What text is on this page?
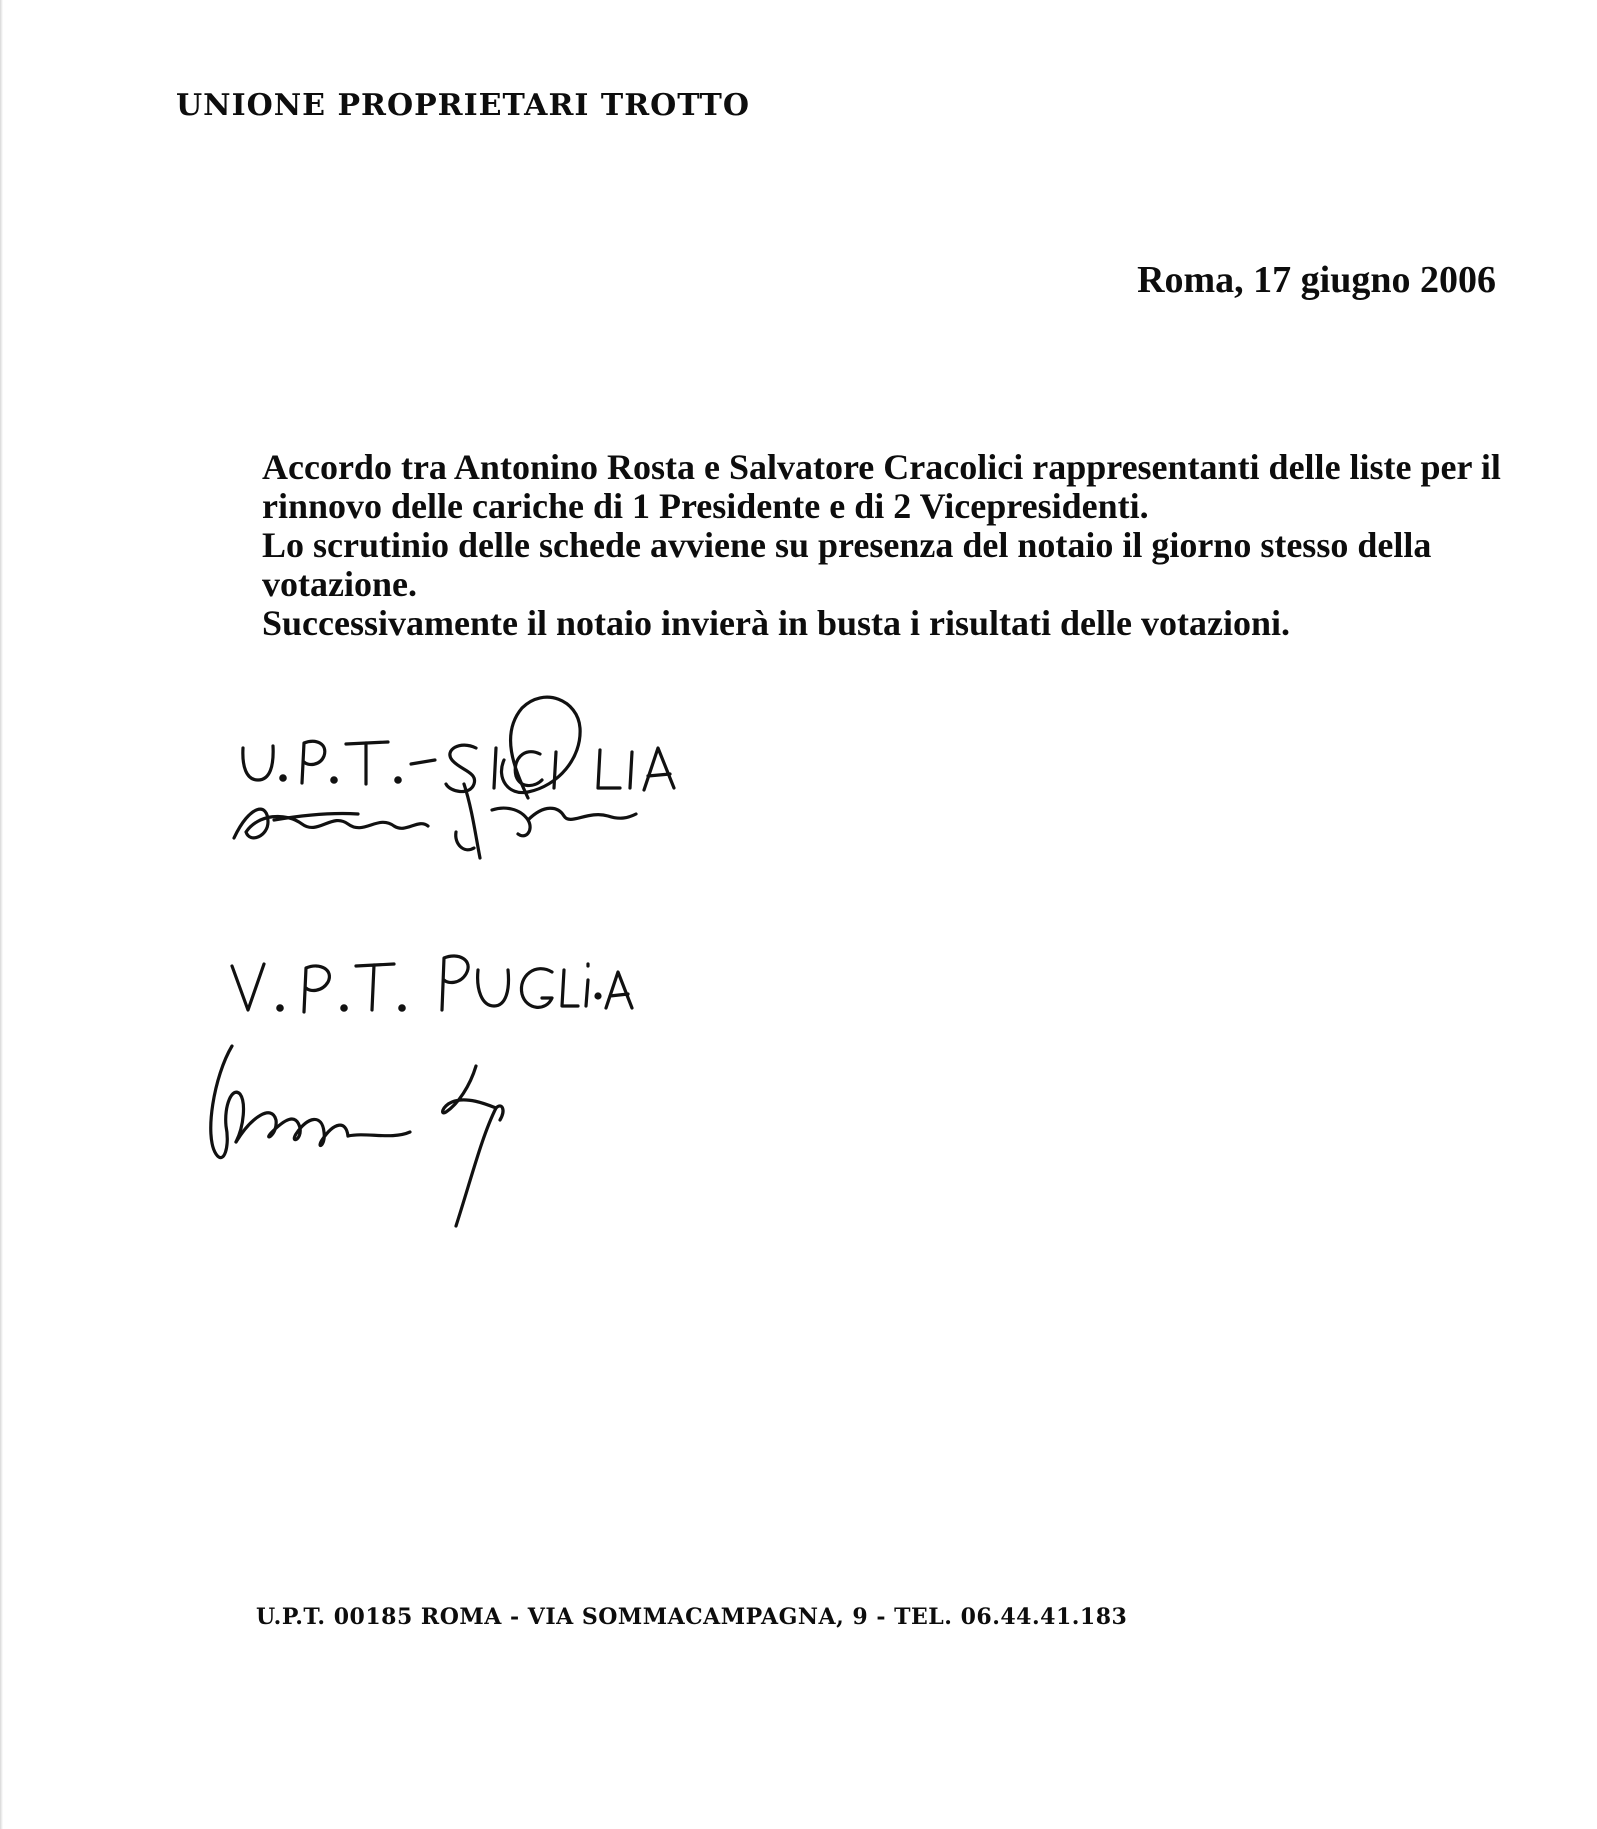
UNIONE PROPRIETARI TROTTO
Roma, 17 giugno 2006

Accordo tra Antonino Rosta e Salvatore Cracolici rappresentanti delle liste per il

rinnovo delle cariche di 1 Presidente e di 2 Vicepresidenti.

Lo scrutinio delle schede avviene su presenza del notaio il giorno stesso della

votazione.

Successivamente il notaio invierà in busta i risultati delle votazioni.

U.P.T. 00185 ROMA - VIA SOMMACAMPAGNA, 9 - TEL. 06.44.41.183
